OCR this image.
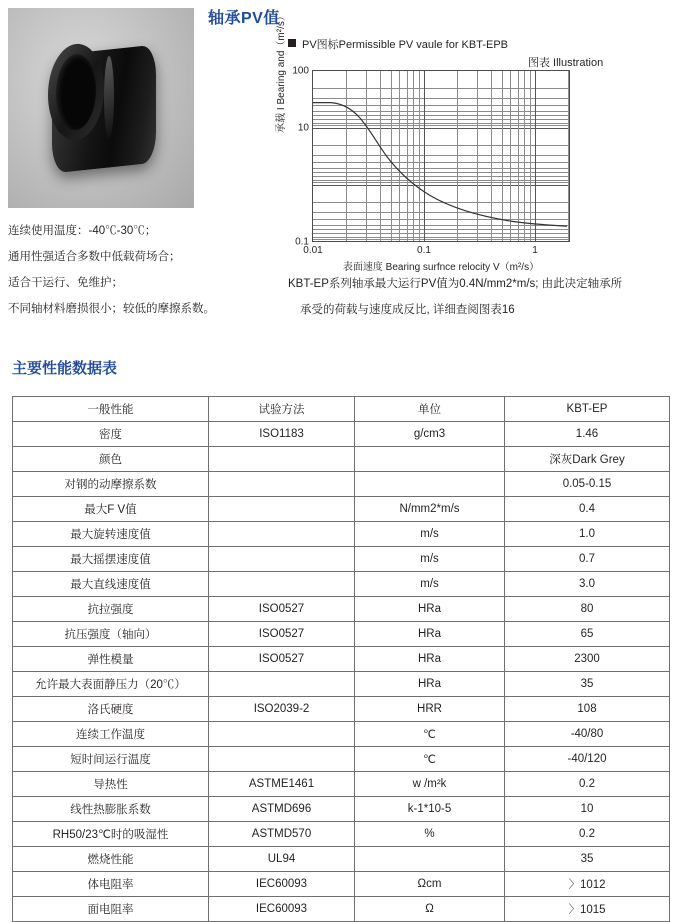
轴承PV值
PV图标Permissible PV vaule for KBT-EPB
图表 Illustration
100
10
0.1
0.01	0.1	1
承载 I Bearing and（m²/s）
表面速度 Bearing surfnce relocity V（m²/s）
KBT-EP系列轴承最大运行PV值为0.4N/mm2*m/s; 由此决定轴承所
承受的荷载与速度成反比, 详细查阅图表16
连续使用温度：-40℃-30℃；
通用性强适合多数中低载荷场合；
适合干运行、免维护；
不同轴材料磨损很小；较低的摩擦系数。
主要性能数据表
一般性能	试验方法	单位	KBT-EP
密度	ISO1183	g/cm3	1.46
颜色			深灰Dark Grey
对钢的动摩擦系数			0.05-0.15
最大F V值		N/mm2*m/s	0.4
最大旋转速度值		m/s	1.0
最大摇摆速度值		m/s	0.7
最大直线速度值		m/s	3.0
抗拉强度	ISO0527	HRa	80
抗压强度（轴向）	ISO0527	HRa	65
弹性模量	ISO0527	HRa	2300
允许最大表面静压力（20℃）		HRa	35
洛氏硬度	ISO2039-2	HRR	108
连续工作温度		℃	-40/80
短时间运行温度		℃	-40/120
导热性	ASTME1461	w /m²k	0.2
线性热膨胀系数	ASTMD696	k-1*10-5	10
RH50/23℃时的吸湿性	ASTMD570	%	0.2
燃烧性能	UL94		35
体电阻率	IEC60093	Ωcm	〉1012
面电阻率	IEC60093	Ω	〉1015
